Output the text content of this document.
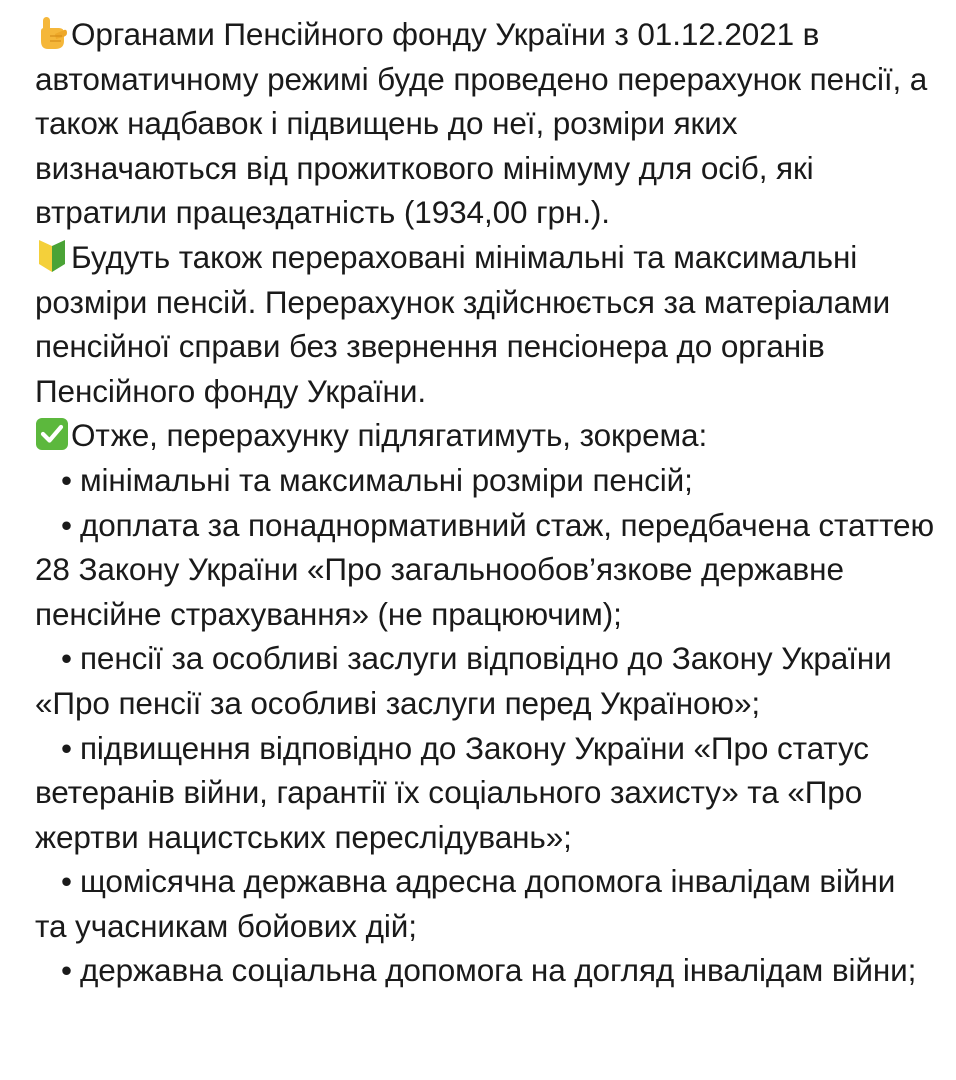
Органами Пенсійного фонду України з 01.12.2021 в автоматичному режимі буде проведено перерахунок пенсії, а також надбавок і підвищень до неї, розміри яких визначаються від прожиткового мінімуму для осіб, які втратили працездатність (1934,00 грн.).

Будуть також перераховані мінімальні та максимальні розміри пенсій. Перерахунок здійснюється за матеріалами пенсійної справи без звернення пенсіонера до органів Пенсійного фонду України.

Отже, перерахунку підлягатимуть, зокрема:

• мінімальні та максимальні розміри пенсій;

• доплата за понаднормативний стаж, передбачена статтею 28 Закону України «Про загальнообов’язкове державне пенсійне страхування» (не працюючим);

• пенсії за особливі заслуги відповідно до Закону України «Про пенсії за особливі заслуги перед Україною»;

• підвищення відповідно до Закону України «Про статус ветеранів війни, гарантії їх соціального захисту» та «Про жертви нацистських переслідувань»;

• щомісячна державна адресна допомога інвалідам війни та учасникам бойових дій;

• державна соціальна допомога на догляд інвалідам війни;
